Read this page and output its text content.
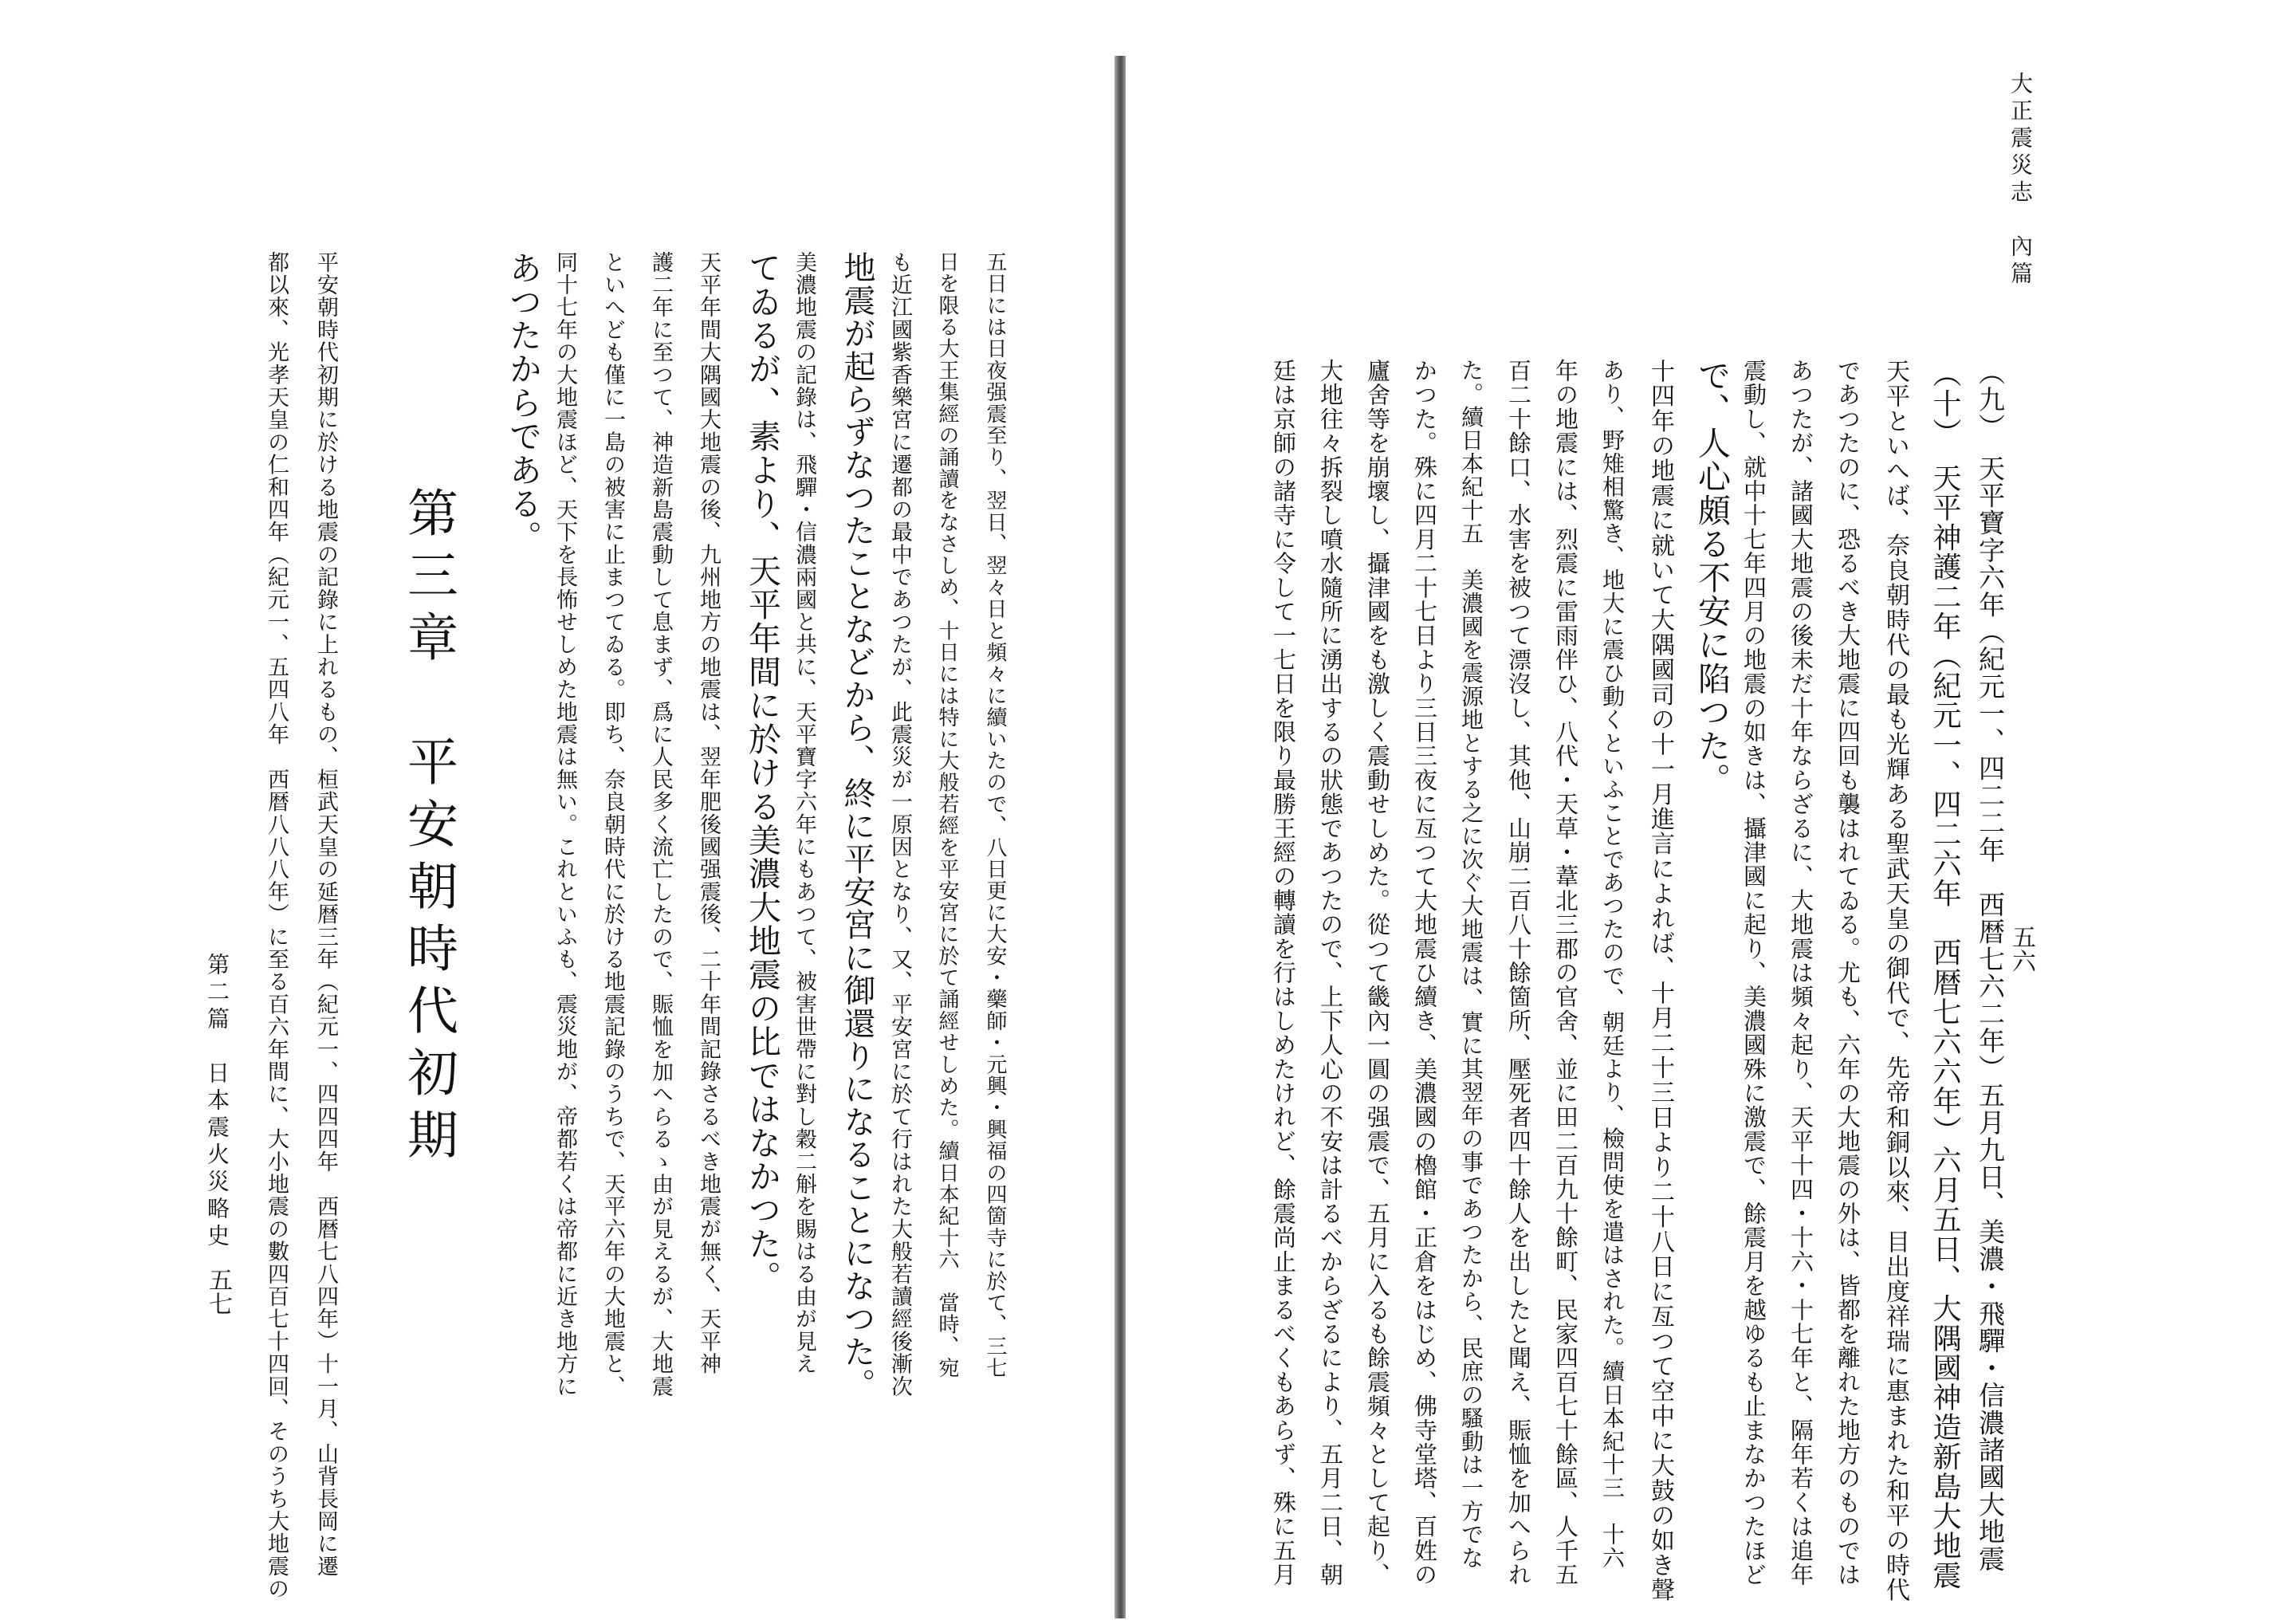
五日には日夜强震至り、翌日、翌々日と頻々に續いたので、八日更に大安・藥師・元興・興福の四箇寺に於て、三七
日を限る大王集經の誦讀をなさしめ、十日には特に大般若經を平安宮に於て誦經せしめた。續日本紀十六　當時、宛
も近江國紫香樂宮に遷都の最中であつたが、此震災が一原因となり、又、平安宮に於て行はれた大般若讀經後漸次
地震が起らずなつたことなどから、終に平安宮に御還りになることになつた。
美濃地震の記錄は、飛驒・信濃兩國と共に、天平寶字六年にもあつて、被害世帶に對し穀二斛を賜はる由が見え
てゐるが、素より、天平年間に於ける美濃大地震の比ではなかつた。
天平年間大隅國大地震の後、九州地方の地震は、翌年肥後國强震後、二十年間記錄さるべき地震が無く、天平神
護二年に至つて、神造新島震動して息まず、爲に人民多く流亡したので、賑恤を加へらるゝ由が見えるが、大地震
といへども僅に一島の被害に止まつてゐる。即ち、奈良朝時代に於ける地震記錄のうちで、天平六年の大地震と、
同十七年の大地震ほど、天下を長怖せしめた地震は無い。これといふも、震災地が、帝都若くは帝都に近き地方に
あつたからである。
第三章　平安朝時代初期
平安朝時代初期に於ける地震の記錄に上れるもの、桓武天皇の延暦三年（紀元一、四四四年　西暦七八四年）十一月、山背長岡に遷
都以來、光孝天皇の仁和四年（紀元一、五四八年　西暦八八八年）に至る百六年間に、大小地震の數四百七十四回、そのうち大地震の
第二篇　日本震火災略史
五七
大正震災志　內篇
五六
（九）　天平寶字六年（紀元一、四二二年　西暦七六二年）五月九日、美濃・飛驒・信濃諸國大地震
（十）　天平神護二年（紀元一、四二六年　西暦七六六年）六月五日、大隅國神造新島大地震
天平といへば、奈良朝時代の最も光輝ある聖武天皇の御代で、先帝和銅以來、目出度祥瑞に惠まれた和平の時代
であつたのに、恐るべき大地震に四回も襲はれてゐる。尤も、六年の大地震の外は、皆都を離れた地方のものでは
あつたが、諸國大地震の後未だ十年ならざるに、大地震は頻々起り、天平十四・十六・十七年と、隔年若くは追年
震動し、就中十七年四月の地震の如きは、攝津國に起り、美濃國殊に激震で、餘震月を越ゆるも止まなかつたほど
で、人心頗る不安に陷つた。
十四年の地震に就いて大隅國司の十一月進言によれば、十月二十三日より二十八日に亙つて空中に大鼓の如き聲
あり、野雉相驚き、地大に震ひ動くといふことであつたので、朝廷より、檢問使を遣はされた。續日本紀十三　十六
年の地震には、烈震に雷雨伴ひ、八代・天草・葦北三郡の官舍、並に田二百九十餘町、民家四百七十餘區、人千五
百二十餘口、水害を被つて漂沒し、其他、山崩二百八十餘箇所、壓死者四十餘人を出したと聞え、賑恤を加へられ
た。續日本紀十五　美濃國を震源地とする之に次ぐ大地震は、實に其翌年の事であつたから、民庶の騷動は一方でな
かつた。殊に四月二十七日より三日三夜に亙つて大地震ひ續き、美濃國の櫓館・正倉をはじめ、佛寺堂塔、百姓の
廬舍等を崩壞し、攝津國をも激しく震動せしめた。從つて畿內一圓の强震で、五月に入るも餘震頻々として起り、
大地往々拆裂し噴水隨所に湧出するの狀態であつたので、上下人心の不安は計るべからざるにより、五月二日、朝
廷は京師の諸寺に令して一七日を限り最勝王經の轉讀を行はしめたけれど、餘震尚止まるべくもあらず、殊に五月
